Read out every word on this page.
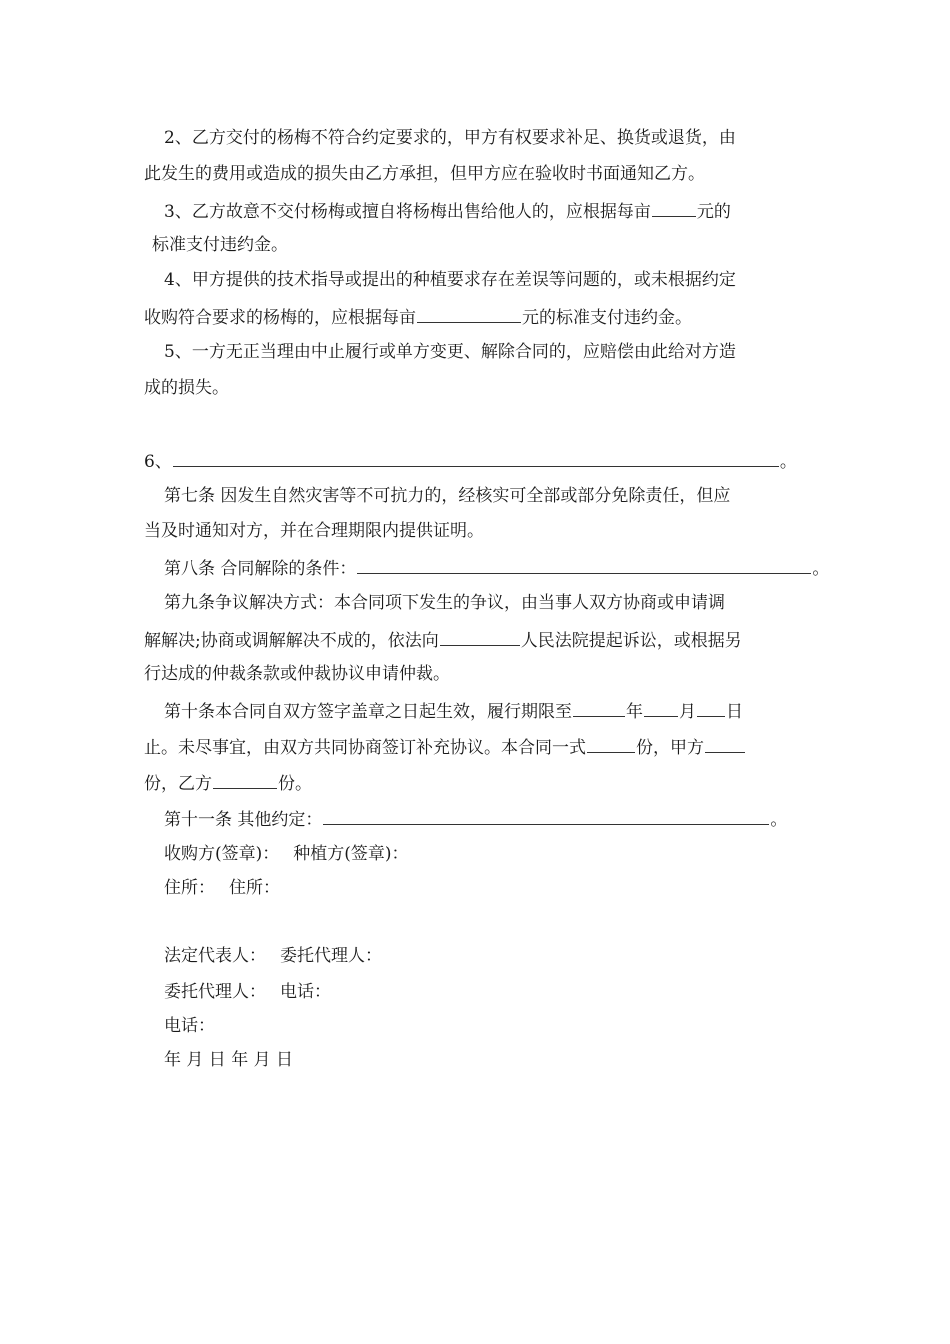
2、乙方交付的杨梅不符合约定要求的，甲方有权要求补足、换货或退货，由
此发生的费用或造成的损失由乙方承担，但甲方应在验收时书面通知乙方。
3、乙方故意不交付杨梅或擅自将杨梅出售给他人的，应根据每亩	元的
标准支付违约金。
4、甲方提供的技术指导或提出的种植要求存在差误等问题的，或未根据约定
收购符合要求的杨梅的，应根据每亩	元的标准支付违约金。
5、一方无正当理由中止履行或单方变更、解除合同的，应赔偿由此给对方造
成的损失。
6、	。
第七条 因发生自然灾害等不可抗力的，经核实可全部或部分免除责任，但应
当及时通知对方，并在合理期限内提供证明。
第八条 合同解除的条件：	。
第九条争议解决方式：本合同项下发生的争议，由当事人双方协商或申请调
解解决;协商或调解解决不成的，依法向	人民法院提起诉讼，或根据另
行达成的仲裁条款或仲裁协议申请仲裁。
第十条本合同自双方签字盖章之日起生效，履行期限至	年 月 日
止。未尽事宜，由双方共同协商签订补充协议。本合同一式	份，甲方
份，乙方	份。
第十一条 其他约定：	。
收购方(签章)： 种植方(签章)：
住所： 住所：
法定代表人： 委托代理人：
委托代理人： 电话：
电话：
年 月 日 年 月 日
